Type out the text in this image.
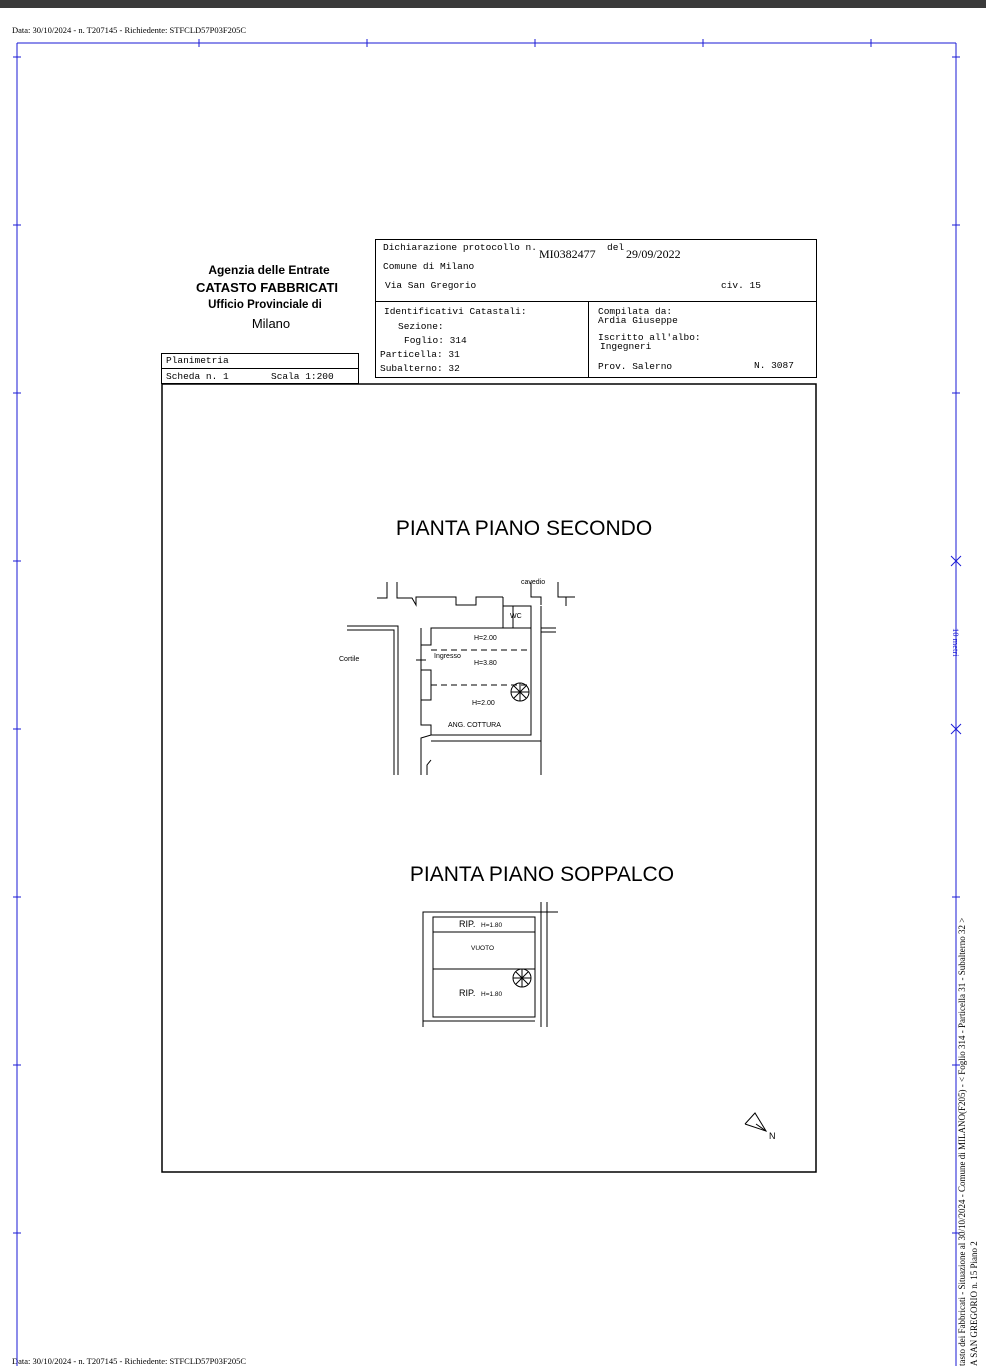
Data: 30/10/2024 - n. T207145 - Richiedente: STFCLD57P03F205C
Data: 30/10/2024 - n. T207145 - Richiedente: STFCLD57P03F205C
Agenzia delle Entrate
CATASTO FABBRICATI
Ufficio Provinciale di
Milano
Planimetria
Scheda n. 1	Scala 1:200
Dichiarazione protocollo n. MI0382477 del 29/09/2022
Comune di Milano
Via San Gregorio	civ. 15
Identificativi Catastali:
Sezione:
Foglio: 314
Particella: 31
Subalterno: 32
Compilata da:
Ardia Giuseppe
Iscritto all'albo:
Ingegneri
Prov. Salerno	N. 3087
PIANTA PIANO SECONDO
cavedio
WC
H=2.00
Ingresso
H=3.80
Cortile
H=2.00
ANG. COTTURA
PIANTA PIANO SOPPALCO
RIP. H=1.80
VUOTO
RIP. H=1.80
N
10 metri
tasto dei Fabbricati - Situazione al 30/10/2024 - Comune di MILANO(F205) - < Foglio 314 - Particella 31 - Subalterno 32 > A SAN GREGORIO n. 15 Piano 2
